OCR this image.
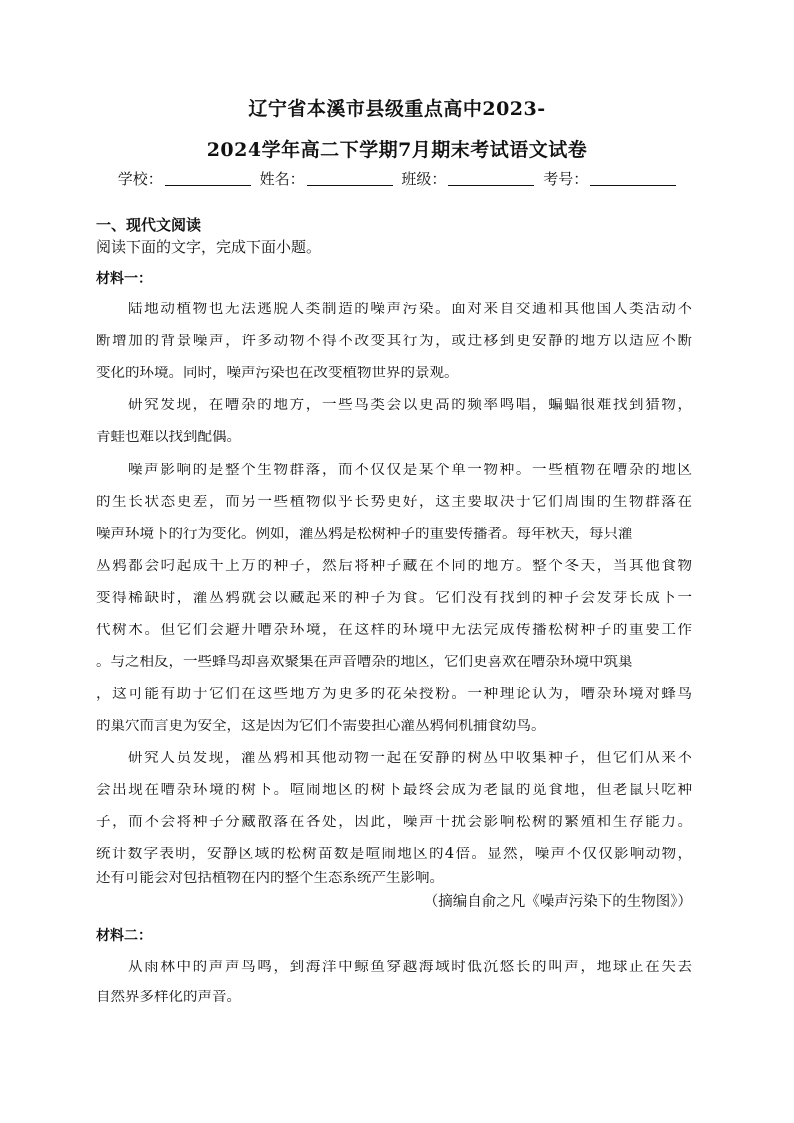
辽宁省本溪市县级重点高中2023-
2024学年高二下学期7月期末考试语文试卷
学校：	姓名：	班级：	考号：
一、现代文阅读
阅读下面的文字，完成下面小题。
材料一：
陆地动植物也无法逃脱人类制造的噪声污染。面对来自交通和其他国人类活动不
断增加的背景噪声，许多动物不得不改变其行为，或迁移到更安静的地方以适应不断
变化的环境。同时，噪声污染也在改变植物世界的景观。
研究发现，在嘈杂的地方，一些鸟类会以更高的频率鸣唱，蝙蝠很难找到猎物，
青蛙也难以找到配偶。
噪声影响的是整个生物群落，而不仅仅是某个单一物种。一些植物在嘈杂的地区
的生长状态更差，而另一些植物似乎长势更好，这主要取决于它们周围的生物群落在
噪声环境下的行为变化。例如，灌丛鸦是松树种子的重要传播者。每年秋天，每只灌
丛鸦都会叼起成千上万的种子，然后将种子藏在不同的地方。整个冬天，当其他食物
变得稀缺时，灌丛鸦就会以藏起来的种子为食。它们没有找到的种子会发芽长成下一
代树木。但它们会避开嘈杂环境，在这样的环境中无法完成传播松树种子的重要工作
。与之相反，一些蜂鸟却喜欢聚集在声音嘈杂的地区，它们更喜欢在嘈杂环境中筑巢
，这可能有助于它们在这些地方为更多的花朵授粉。一种理论认为，嘈杂环境对蜂鸟
的巢穴而言更为安全，这是因为它们不需要担心灌丛鸦伺机捕食幼鸟。
研究人员发现，灌丛鸦和其他动物一起在安静的树丛中收集种子，但它们从来不
会出现在嘈杂环境的树下。喧闹地区的树下最终会成为老鼠的觅食地，但老鼠只吃种
子，而不会将种子分藏散落在各处，因此，噪声干扰会影响松树的繁殖和生存能力。
统计数字表明，安静区域的松树苗数是喧闹地区的4倍。显然，噪声不仅仅影响动物，
还有可能会对包括植物在内的整个生态系统产生影响。
（摘编自俞之凡《噪声污染下的生物图》）
材料二：
从雨林中的声声鸟鸣，到海洋中鲸鱼穿越海域时低沉悠长的叫声，地球正在失去
自然界多样化的声音。
